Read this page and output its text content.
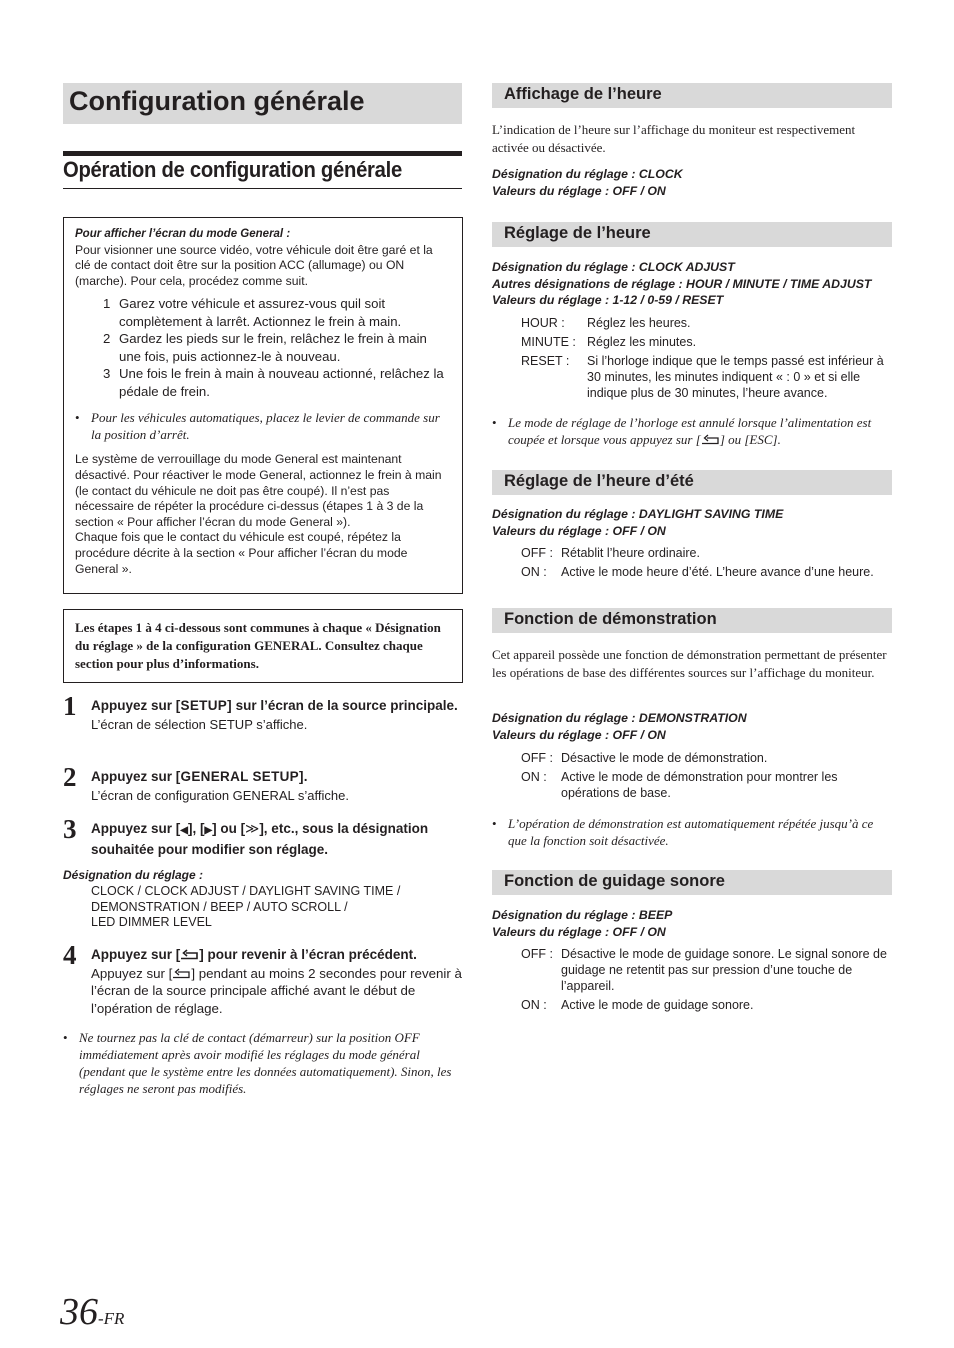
Configuration générale
Opération de configuration générale
Pour afficher l’écran du mode General :
Pour visionner une source vidéo, votre véhicule doit être garé et la clé de contact doit être sur la position ACC (allumage) ou ON (marche). Pour cela, procédez comme suit.
1 Garez votre véhicule et assurez-vous quil soit complètement à larrêt. Actionnez le frein à main.
2 Gardez les pieds sur le frein, relâchez le frein à main une fois, puis actionnez-le à nouveau.
3 Une fois le frein à main à nouveau actionné, relâchez la pédale de frein.
• Pour les véhicules automatiques, placez le levier de commande sur la position d’arrêt.
Le système de verrouillage du mode General est maintenant désactivé. Pour réactiver le mode General, actionnez le frein à main (le contact du véhicule ne doit pas être coupé). Il n’est pas nécessaire de répéter la procédure ci-dessus (étapes 1 à 3 de la section « Pour afficher l’écran du mode General »).
Chaque fois que le contact du véhicule est coupé, répétez la procédure décrite à la section « Pour afficher l’écran du mode General ».
Les étapes 1 à 4 ci-dessous sont communes à chaque « Désignation du réglage » de la configuration GENERAL. Consultez chaque section pour plus d’informations.
1 Appuyez sur [SETUP] sur l’écran de la source principale.
L’écran de sélection SETUP s’affiche.
2 Appuyez sur [GENERAL SETUP].
L’écran de configuration GENERAL s’affiche.
3 Appuyez sur [◀], [▶] ou [≫], etc., sous la désignation souhaitée pour modifier son réglage.
Désignation du réglage :
CLOCK / CLOCK ADJUST / DAYLIGHT SAVING TIME /
DEMONSTRATION / BEEP / AUTO SCROLL /
LED DIMMER LEVEL
4 Appuyez sur [ ] pour revenir à l’écran précédent.
Appuyez sur [ ] pendant au moins 2 secondes pour revenir à l’écran de la source principale affiché avant le début de l’opération de réglage.
• Ne tournez pas la clé de contact (démarreur) sur la position OFF immédiatement après avoir modifié les réglages du mode général (pendant que le système entre les données automatiquement). Sinon, les réglages ne seront pas modifiés.
Affichage de l’heure
L’indication de l’heure sur l’affichage du moniteur est respectivement activée ou désactivée.
Désignation du réglage : CLOCK
Valeurs du réglage : OFF / ON
Réglage de l’heure
Désignation du réglage : CLOCK ADJUST
Autres désignations de réglage : HOUR / MINUTE / TIME ADJUST
Valeurs du réglage : 1-12 / 0-59 / RESET
HOUR :	Réglez les heures.
MINUTE : Réglez les minutes.
RESET :	Si l’horloge indique que le temps passé est inférieur à 30 minutes, les minutes indiquent « : 0 » et si elle indique plus de 30 minutes, l’heure avance.
• Le mode de réglage de l’horloge est annulé lorsque l’alimentation est coupée et lorsque vous appuyez sur [ ] ou [ESC].
Réglage de l’heure d’été
Désignation du réglage : DAYLIGHT SAVING TIME
Valeurs du réglage : OFF / ON
OFF : Rétablit l’heure ordinaire.
ON :	Active le mode heure d’été. L’heure avance d’une heure.
Fonction de démonstration
Cet appareil possède une fonction de démonstration permettant de présenter les opérations de base des différentes sources sur l’affichage du moniteur.
Désignation du réglage : DEMONSTRATION
Valeurs du réglage : OFF / ON
OFF : Désactive le mode de démonstration.
ON :	Active le mode de démonstration pour montrer les opérations de base.
• L’opération de démonstration est automatiquement répétée jusqu’à ce que la fonction soit désactivée.
Fonction de guidage sonore
Désignation du réglage : BEEP
Valeurs du réglage : OFF / ON
OFF : Désactive le mode de guidage sonore. Le signal sonore de guidage ne retentit pas sur pression d’une touche de l’appareil.
ON :	Active le mode de guidage sonore.
36-FR
